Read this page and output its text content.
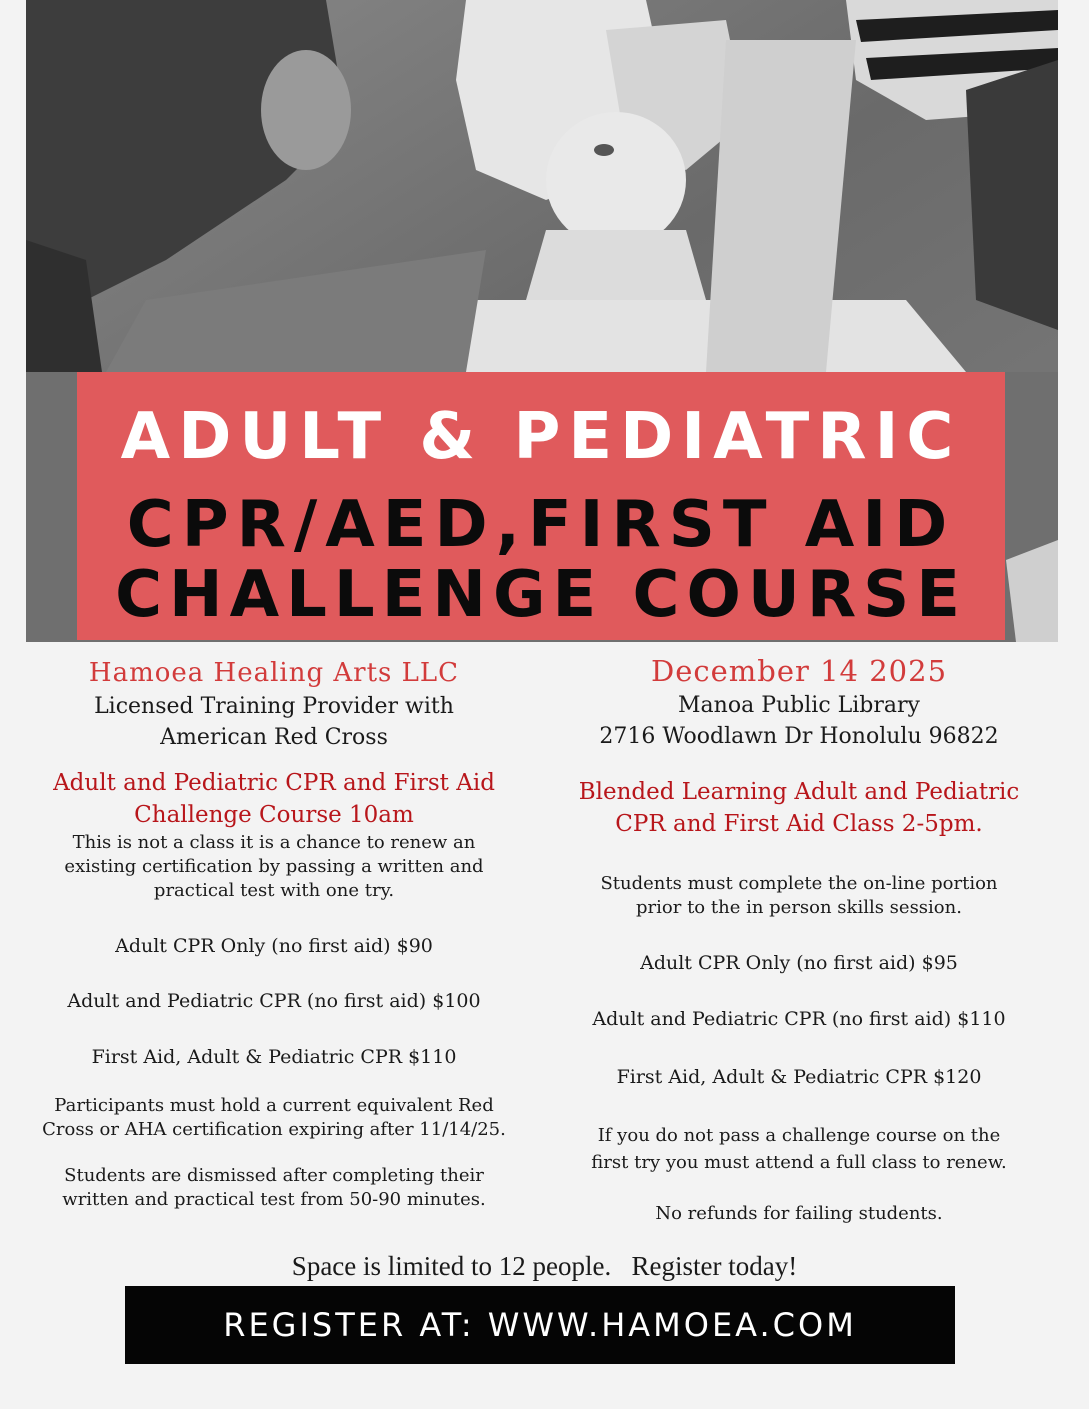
ADULT & PEDIATRIC
CPR/AED,FIRST AID
CHALLENGE COURSE
Hamoea Healing Arts LLC
Licensed Training Provider with
American Red Cross
Adult and Pediatric CPR and First Aid
Challenge Course 10am
This is not a class it is a chance to renew an
existing certification by passing a written and
practical test with one try.
Adult CPR Only (no first aid) $90
Adult and Pediatric CPR (no first aid) $100
First Aid, Adult & Pediatric CPR $110
Participants must hold a current equivalent Red
Cross or AHA certification expiring after 11/14/25.
Students are dismissed after completing their
written and practical test from 50-90 minutes.
December 14 2025
Manoa Public Library
2716 Woodlawn Dr Honolulu 96822
Blended Learning Adult and Pediatric
CPR and First Aid Class 2-5pm.
Students must complete the on-line portion
prior to the in person skills session.
Adult CPR Only (no first aid) $95
Adult and Pediatric CPR (no first aid) $110
First Aid, Adult & Pediatric CPR $120
If you do not pass a challenge course on the
first try you must attend a full class to renew.
No refunds for failing students.
Space is limited to 12 people.   Register today!
REGISTER AT: WWW.HAMOEA.COM
